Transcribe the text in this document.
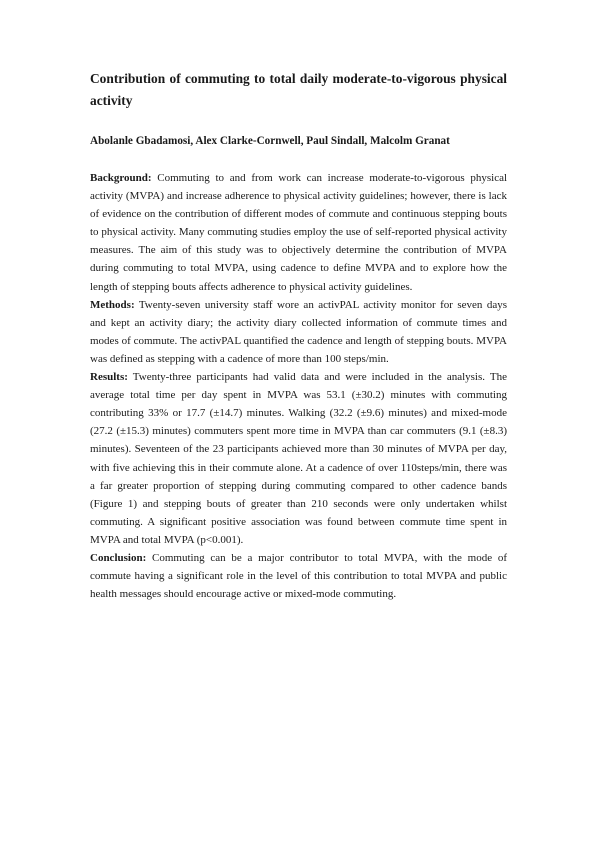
Contribution of commuting to total daily moderate-to-vigorous physical activity

Abolanle Gbadamosi, Alex Clarke-Cornwell, Paul Sindall, Malcolm Granat

Background: Commuting to and from work can increase moderate-to-vigorous physical activity (MVPA) and increase adherence to physical activity guidelines; however, there is lack of evidence on the contribution of different modes of commute and continuous stepping bouts to physical activity. Many commuting studies employ the use of self-reported physical activity measures. The aim of this study was to objectively determine the contribution of MVPA during commuting to total MVPA, using cadence to define MVPA and to explore how the length of stepping bouts affects adherence to physical activity guidelines.

Methods: Twenty-seven university staff wore an activPAL activity monitor for seven days and kept an activity diary; the activity diary collected information of commute times and modes of commute. The activPAL quantified the cadence and length of stepping bouts. MVPA was defined as stepping with a cadence of more than 100 steps/min.

Results: Twenty-three participants had valid data and were included in the analysis. The average total time per day spent in MVPA was 53.1 (±30.2) minutes with commuting contributing 33% or 17.7 (±14.7) minutes. Walking (32.2 (±9.6) minutes) and mixed-mode (27.2 (±15.3) minutes) commuters spent more time in MVPA than car commuters (9.1 (±8.3) minutes). Seventeen of the 23 participants achieved more than 30 minutes of MVPA per day, with five achieving this in their commute alone. At a cadence of over 110steps/min, there was a far greater proportion of stepping during commuting compared to other cadence bands (Figure 1) and stepping bouts of greater than 210 seconds were only undertaken whilst commuting. A significant positive association was found between commute time spent in MVPA and total MVPA (p<0.001).

Conclusion: Commuting can be a major contributor to total MVPA, with the mode of commute having a significant role in the level of this contribution to total MVPA and public health messages should encourage active or mixed-mode commuting.
